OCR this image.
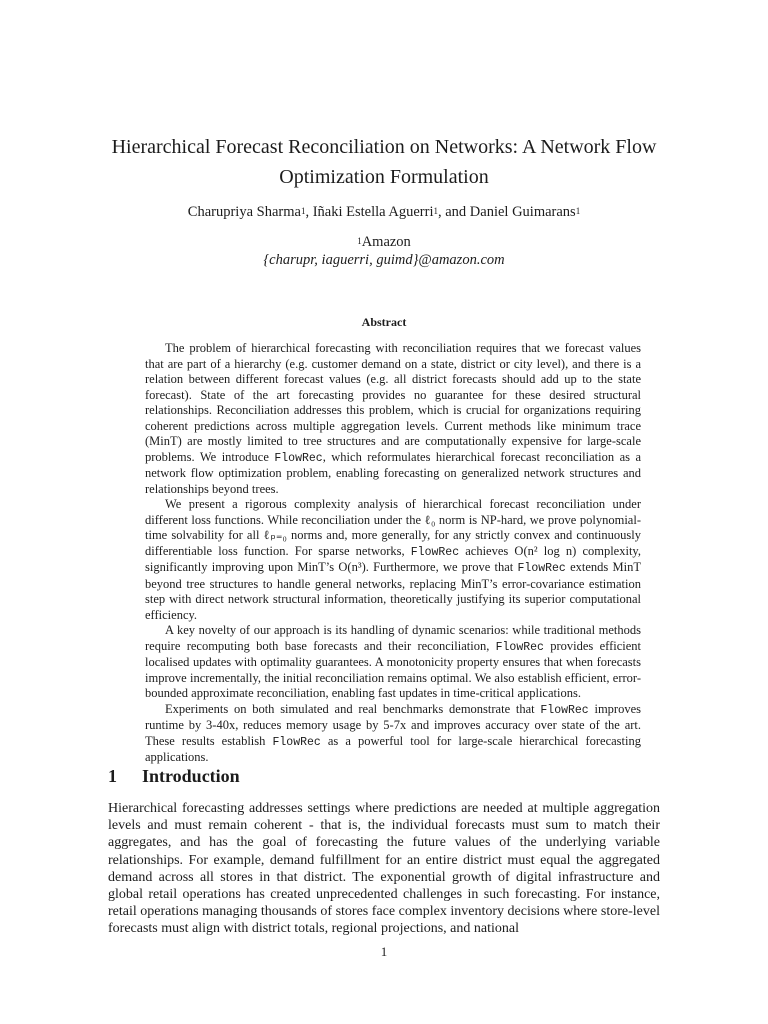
Hierarchical Forecast Reconciliation on Networks: A Network Flow Optimization Formulation
Charupriya Sharma$^1$, Iñaki Estella Aguerri$^1$, and Daniel Guimarans$^1$
$^1$Amazon
{charupr, iaguerri, guimd}@amazon.com
Abstract

The problem of hierarchical forecasting with reconciliation requires that we forecast values that are part of a hierarchy (e.g. customer demand on a state, district or city level), and there is a relation between different forecast values (e.g. all district forecasts should add up to the state forecast). State of the art forecasting provides no guarantee for these desired structural relationships. Reconciliation addresses this problem, which is crucial for organizations requiring coherent predictions across multiple aggregation levels. Current methods like minimum trace (MinT) are mostly limited to tree structures and are computationally expensive for large-scale problems. We introduce FlowRec, which reformulates hierarchical forecast reconciliation as a network flow optimization problem, enabling forecasting on generalized network structures and relationships beyond trees.

We present a rigorous complexity analysis of hierarchical forecast reconciliation under different loss functions. While reconciliation under the ℓ₀ norm is NP-hard, we prove polynomial-time solvability for all ℓₚ₌₀ norms and, more generally, for any strictly convex and continuously differentiable loss function. For sparse networks, FlowRec achieves O(n² log n) complexity, significantly improving upon MinT’s O(n³). Furthermore, we prove that FlowRec extends MinT beyond tree structures to handle general networks, replacing MinT’s error-covariance estimation step with direct network structural information, theoretically justifying its superior computational efficiency.

A key novelty of our approach is its handling of dynamic scenarios: while traditional methods require recomputing both base forecasts and their reconciliation, FlowRec provides efficient localised updates with optimality guarantees. A monotonicity property ensures that when forecasts improve incrementally, the initial reconciliation remains optimal. We also establish efficient, error-bounded approximate reconciliation, enabling fast updates in time-critical applications.

Experiments on both simulated and real benchmarks demonstrate that FlowRec improves runtime by 3-40x, reduces memory usage by 5-7x and improves accuracy over state of the art. These results establish FlowRec as a powerful tool for large-scale hierarchical forecasting applications.

1 Introduction

Hierarchical forecasting addresses settings where predictions are needed at multiple aggregation levels and must remain coherent - that is, the individual forecasts must sum to match their aggregates, and has the goal of forecasting the future values of the underlying variable relationships. For example, demand fulfillment for an entire district must equal the aggregated demand across all stores in that district. The exponential growth of digital infrastructure and global retail operations has created unprecedented challenges in such forecasting. For instance, retail operations managing thousands of stores face complex inventory decisions where store-level forecasts must align with district totals, regional projections, and national

1
